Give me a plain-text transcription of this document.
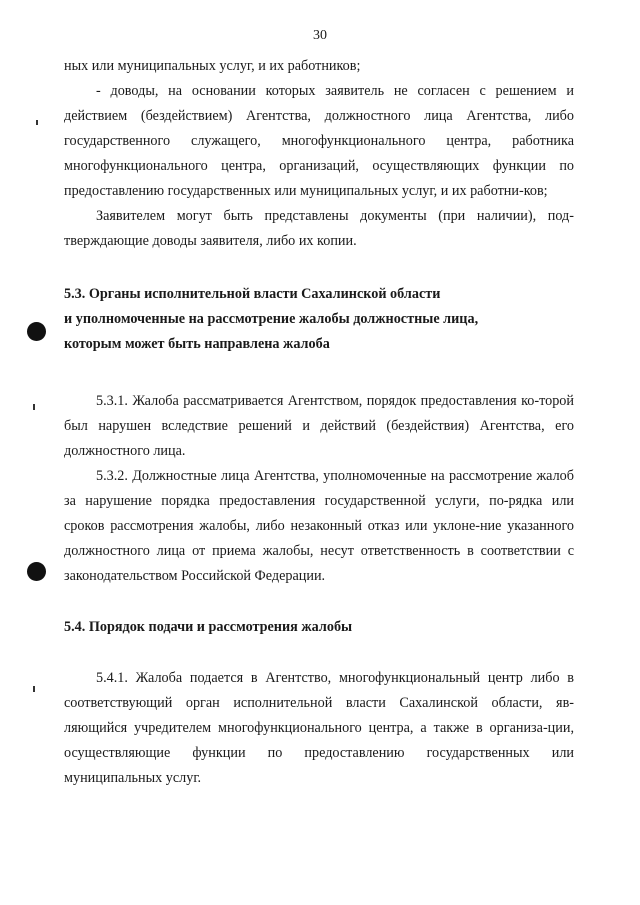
30

ных или муниципальных услуг, и их работников;

- доводы, на основании которых заявитель не согласен с решением и действием (бездействием) Агентства, должностного лица Агентства, либо государственного служащего, многофункционального центра, работника многофункционального центра, организаций, осуществляющих функции по предоставлению государственных или муниципальных услуг, и их работни-ков;

Заявителем могут быть представлены документы (при наличии), под-тверждающие доводы заявителя, либо их копии.

5.3. Органы исполнительной власти Сахалинской области

и уполномоченные на рассмотрение жалобы должностные лица,

которым может быть направлена жалоба

5.3.1. Жалоба рассматривается Агентством, порядок предоставления ко-торой был нарушен вследствие решений и действий (бездействия) Агентства, его должностного лица.

5.3.2. Должностные лица Агентства, уполномоченные на рассмотрение жалоб за нарушение порядка предоставления государственной услуги, по-рядка или сроков рассмотрения жалобы, либо незаконный отказ или уклоне-ние указанного должностного лица от приема жалобы, несут ответственность в соответствии с законодательством Российской Федерации.

5.4. Порядок подачи и рассмотрения жалобы

5.4.1. Жалоба подается в Агентство, многофункциональный центр либо в соответствующий орган исполнительной власти Сахалинской области, яв-ляющийся учредителем многофункционального центра, а также в организа-ции, осуществляющие функции по предоставлению государственных или муниципальных услуг.
